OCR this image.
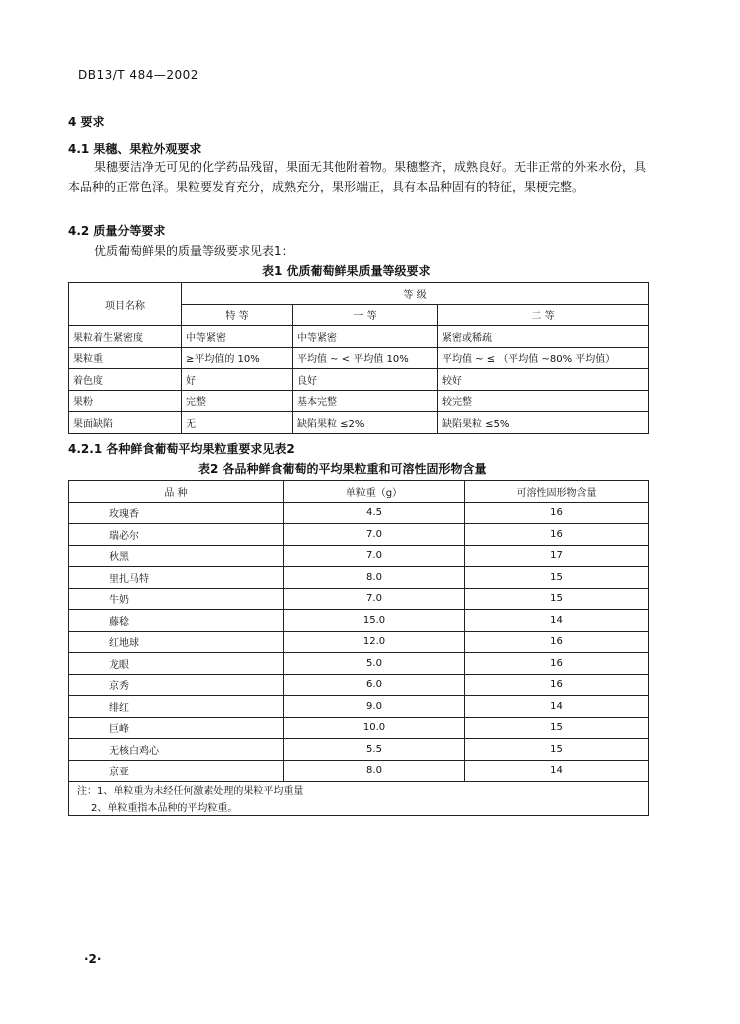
DB13/T 484—2002
4 要求
4.1 果穗、果粒外观要求
果穗要洁净无可见的化学药品残留，果面无其他附着物。果穗整齐，成熟良好。无非正常的外来水份，具本品种的正常色泽。果粒要发育充分，成熟充分，果形端正，具有本品种固有的特征，果梗完整。
4.2 质量分等要求
优质葡萄鲜果的质量等级要求见表1：
表1 优质葡萄鲜果质量等级要求
项目名称	等 级		
	特 等	一 等	二 等
果粒着生紧密度	中等紧密	中等紧密	紧密或稀疏
果粒重	≥平均值的 10%	平均值 ~ < 平均值 10%	平均值 ~ ≤ （平均值 ~80% 平均值）
着色度	好	良好	较好
果粉	完整	基本完整	较完整
果面缺陷	无	缺陷果粒 ≤2%	缺陷果粒 ≤5%
4.2.1 各种鲜食葡萄平均果粒重要求见表2
表2 各品种鲜食葡萄的平均果粒重和可溶性固形物含量
品 种	单粒重（g）	可溶性固形物含量
玫瑰香	4.5	16
瑞必尔	7.0	16
秋黑	7.0	17
里扎马特	8.0	15
牛奶	7.0	15
藤稔	15.0	14
红地球	12.0	16
龙眼	5.0	16
京秀	6.0	16
绯红	9.0	14
巨峰	10.0	15
无核白鸡心	5.5	15
京亚	8.0	14
注：1、单粒重为未经任何激素处理的果粒平均重量
2、单粒重指本品种的平均粒重。
·2·
